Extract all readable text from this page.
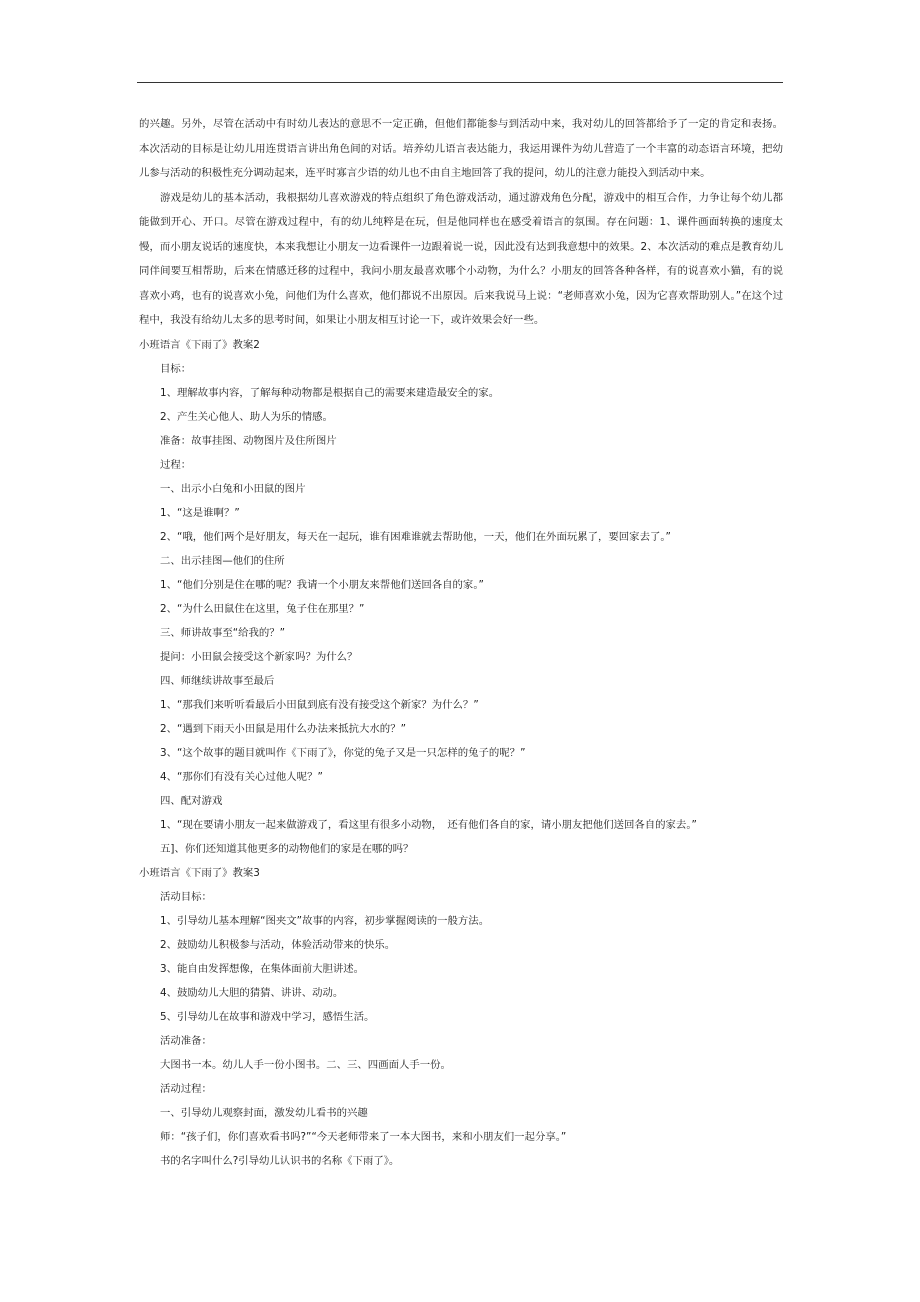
的兴趣。另外，尽管在活动中有时幼儿表达的意思不一定正确，但他们都能参与到活动中来，我对幼儿的回答都给予了一定的肯定和表扬。本次活动的目标是让幼儿用连贯语言讲出角色间的对话。培养幼儿语言表达能力，我运用课件为幼儿营造了一个丰富的动态语言环境，把幼儿参与活动的积极性充分调动起来，连平时寡言少语的幼儿也不由自主地回答了我的提问，幼儿的注意力能投入到活动中来。

游戏是幼儿的基本活动，我根据幼儿喜欢游戏的特点组织了角色游戏活动，通过游戏角色分配，游戏中的相互合作，力争让每个幼儿都能做到开心、开口。尽管在游戏过程中，有的幼儿纯粹是在玩，但是他同样也在感受着语言的氛围。存在问题：1、课件画面转换的速度太慢，而小朋友说话的速度快，本来我想让小朋友一边看课件一边跟着说一说，因此没有达到我意想中的效果。2、本次活动的难点是教育幼儿同伴间要互相帮助，后来在情感迁移的过程中，我问小朋友最喜欢哪个小动物，为什么？小朋友的回答各种各样，有的说喜欢小猫，有的说喜欢小鸡，也有的说喜欢小兔，问他们为什么喜欢，他们都说不出原因。后来我说马上说：“老师喜欢小兔，因为它喜欢帮助别人。”在这个过程中，我没有给幼儿太多的思考时间，如果让小朋友相互讨论一下，或许效果会好一些。

小班语言《下雨了》教案2

目标：

1、理解故事内容，了解每种动物都是根据自己的需要来建造最安全的家。

2、产生关心他人、助人为乐的情感。

准备：故事挂图、动物图片及住所图片

过程：

一、出示小白兔和小田鼠的图片

1、“这是谁啊？”

2、“哦，他们两个是好朋友，每天在一起玩，谁有困难谁就去帮助他，一天，他们在外面玩累了，要回家去了。”

二、出示挂图—他们的住所

1、“他们分别是住在哪的呢？我请一个小朋友来帮他们送回各自的家。”

2、“为什么田鼠住在这里，兔子住在那里？”

三、师讲故事至“给我的？”

提问：小田鼠会接受这个新家吗？为什么？

四、师继续讲故事至最后

1、“那我们来听听看最后小田鼠到底有没有接受这个新家？为什么？”

2、“遇到下雨天小田鼠是用什么办法来抵抗大水的？”

3、“这个故事的题目就叫作《下雨了》，你觉的兔子又是一只怎样的兔子的呢？”

4、“那你们有没有关心过他人呢？”

四、配对游戏

1、“现在要请小朋友一起来做游戏了，看这里有很多小动物，　还有他们各自的家，请小朋友把他们送回各自的家去。”

五]、你们还知道其他更多的动物他们的家是在哪的吗？

小班语言《下雨了》教案3

活动目标：

1、引导幼儿基本理解“图夹文”故事的内容，初步掌握阅读的一般方法。

2、鼓励幼儿积极参与活动，体验活动带来的快乐。

3、能自由发挥想像，在集体面前大胆讲述。

4、鼓励幼儿大胆的猜猜、讲讲、动动。

5、引导幼儿在故事和游戏中学习，感悟生活。

活动准备：

大图书一本。幼儿人手一份小图书。二、三、四画面人手一份。

活动过程：

一、引导幼儿观察封面，激发幼儿看书的兴趣

师：“孩子们，你们喜欢看书吗?”“今天老师带来了一本大图书，来和小朋友们一起分享。”

书的名字叫什么?引导幼儿认识书的名称《下雨了》。
